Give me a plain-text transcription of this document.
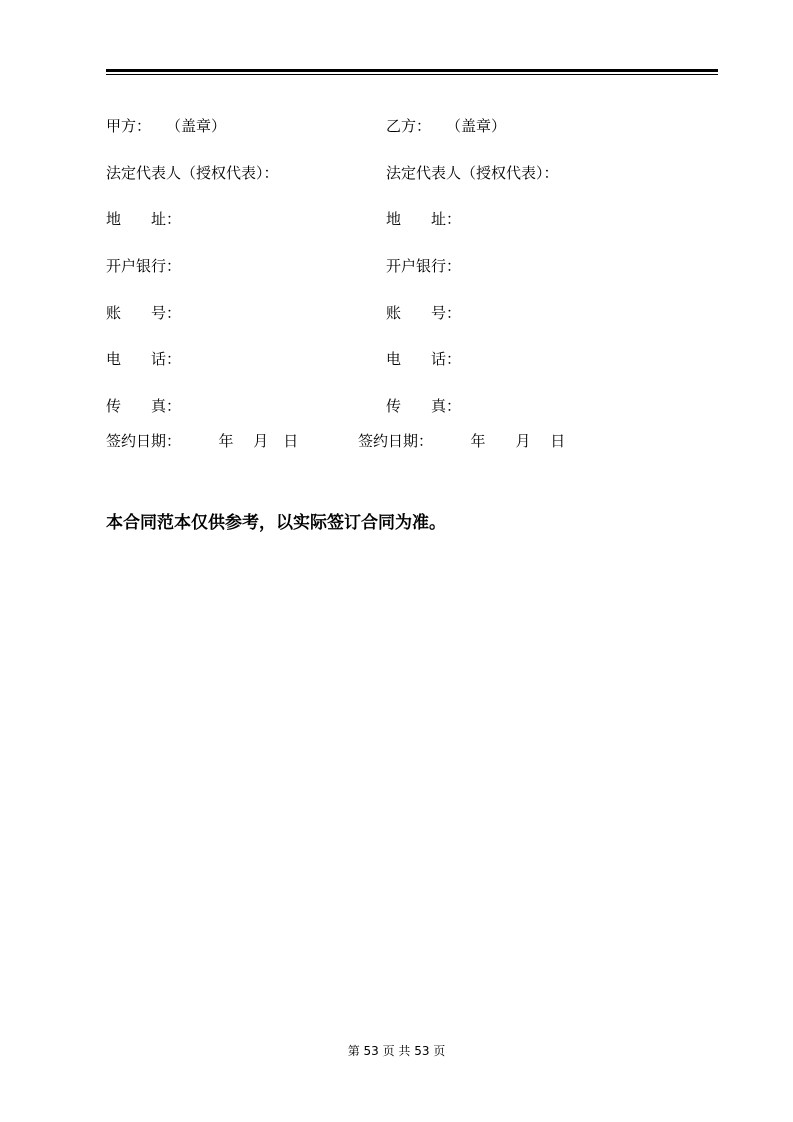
甲方：　　（盖章）
法定代表人（授权代表）：
地　　址：
开户银行：
账　　号：
电　　话：
传　　真：
乙方：　　（盖章）
法定代表人（授权代表）：
地　　址：
开户银行：
账　　号：
电　　话：
传　　真：
签约日期：　　　年　 月　日	签约日期：　　　年　　月　 日
本合同范本仅供参考，以实际签订合同为准。
第 53 页 共 53 页
